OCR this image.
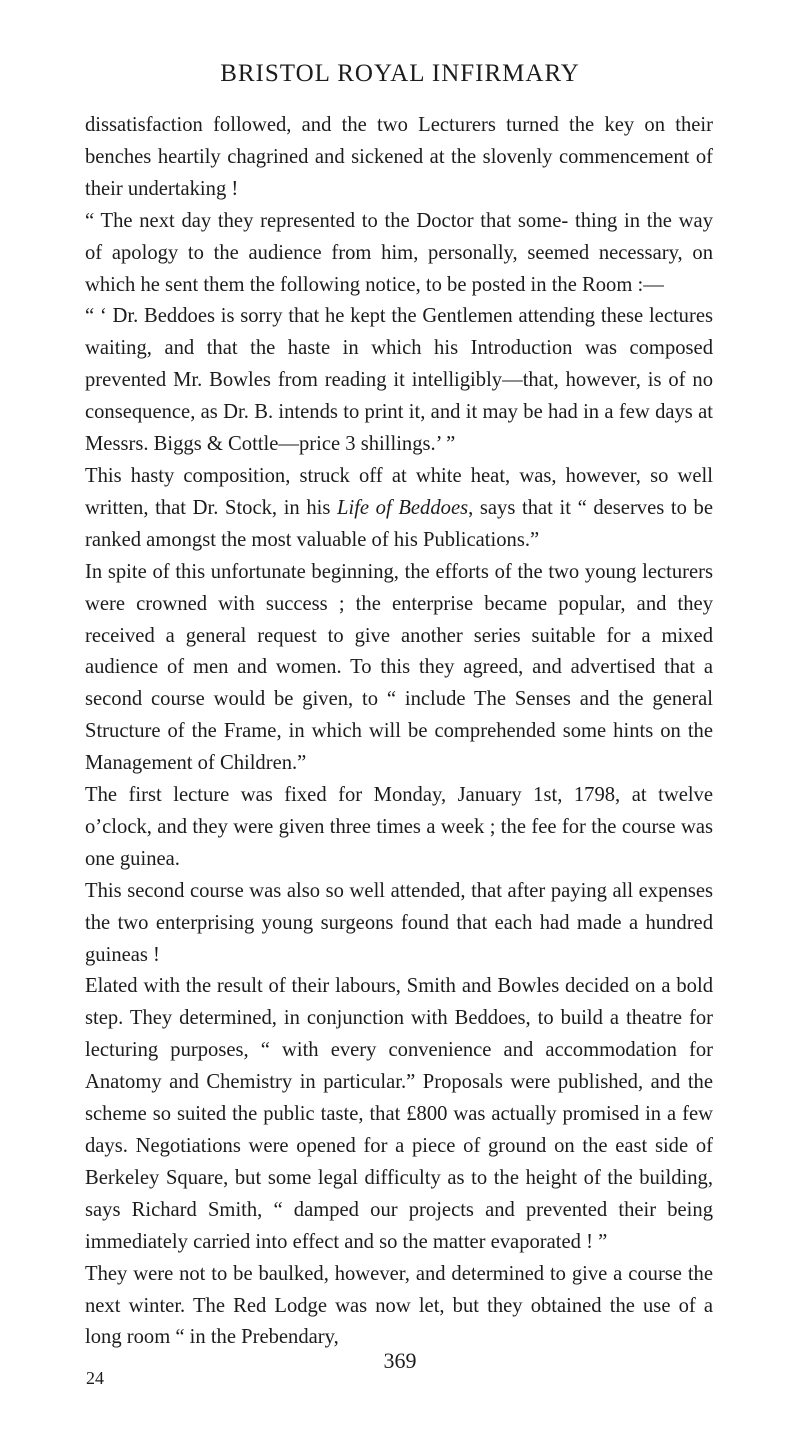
BRISTOL ROYAL INFIRMARY

dissatisfaction followed, and the two Lecturers turned the key on their benches heartily chagrined and sickened at the slovenly commencement of their undertaking !

“ The next day they represented to the Doctor that some- thing in the way of apology to the audience from him, personally, seemed necessary, on which he sent them the following notice, to be posted in the Room :—

“ ‘ Dr. Beddoes is sorry that he kept the Gentlemen attending these lectures waiting, and that the haste in which his Introduction was composed prevented Mr. Bowles from reading it intelligibly—that, however, is of no consequence, as Dr. B. intends to print it, and it may be had in a few days at Messrs. Biggs & Cottle—price 3 shillings.’ ”

This hasty composition, struck off at white heat, was, however, so well written, that Dr. Stock, in his Life of Beddoes, says that it “ deserves to be ranked amongst the most valuable of his Publications.”

In spite of this unfortunate beginning, the efforts of the two young lecturers were crowned with success ; the enterprise became popular, and they received a general request to give another series suitable for a mixed audience of men and women. To this they agreed, and advertised that a second course would be given, to “ include The Senses and the general Structure of the Frame, in which will be comprehended some hints on the Management of Children.”

The first lecture was fixed for Monday, January 1st, 1798, at twelve o’clock, and they were given three times a week ; the fee for the course was one guinea.

This second course was also so well attended, that after paying all expenses the two enterprising young surgeons found that each had made a hundred guineas !

Elated with the result of their labours, Smith and Bowles decided on a bold step. They determined, in conjunction with Beddoes, to build a theatre for lecturing purposes, “ with every convenience and accommodation for Anatomy and Chemistry in particular.” Proposals were published, and the scheme so suited the public taste, that £800 was actually promised in a few days. Negotiations were opened for a piece of ground on the east side of Berkeley Square, but some legal difficulty as to the height of the building, says Richard Smith, “ damped our projects and prevented their being immediately carried into effect and so the matter evaporated ! ”

They were not to be baulked, however, and determined to give a course the next winter. The Red Lodge was now let, but they obtained the use of a long room “ in the Prebendary,

369
24
